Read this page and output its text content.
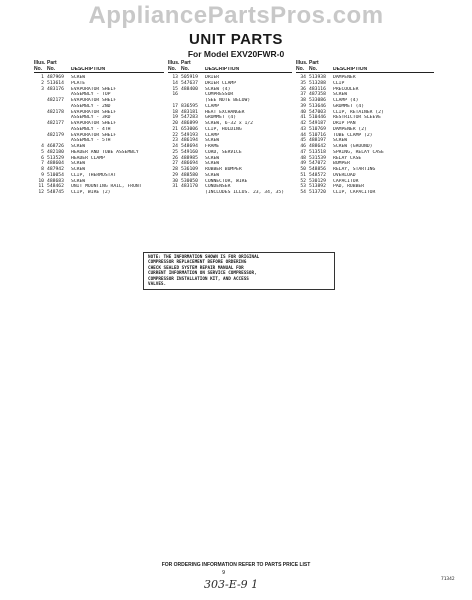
AppliancePartsPros.com
UNIT PARTS
For Model EXV20FWR-0
Illus. Part
No. No.	DESCRIPTION
1 487969	SCREW
2 513614	PLATE
3 483176	EVAPORATOR SHELF
ASSEMBLY - TOP
482177	EVAPORATOR SHELF
ASSEMBLY - 2ND
482178	EVAPORATOR SHELF
ASSEMBLY - 3RD
482177	EVAPORATOR SHELF
ASSEMBLY - 4TH
482179	EVAPORATOR SHELF
ASSEMBLY - 5TH
4 468726	SCREW
5 482180	HEADER AND TUBE ASSEMBLY
6 513529	HEADER CLAMP
7 488604	SCREW
8 487942	SCREW
9 510054	CLIP, THERMOSTAT
10 488683	SCREW
11 548462	UNIT MOUNTING RAIL, FRONT
12 548745	CLIP, WIRE (2)
Illus. Part
No. No.	DESCRIPTION
13 505919	DRIER
14 547637	DRIER CLAMP
15 488400	SCREW (4)
16	COMPRESSOR
(SEE NOTE BELOW)
17 836595	CLAMP
18 483181	HEAT EXCHANGER
19 547283	GROMMET (4)
20 486899	SCREW, 6-32 x 1/2
21 653006	CLIP, HOLDING
22 549193	CLAMP
23 486194	SCREW
24 548694	FRAME
25 549160	CORD, SERVICE
26 488985	SCREW
27 486694	SCREW
28 536109	RUBBER BUMPER
29 488580	SCREW
30 530050	CONNECTOR, WIRE
31 483170	CONDENSER
(INCLUDES ILLUS. 23, 34, 35)
Illus. Part
No. No.	DESCRIPTION
34 513938	DAMPENER
35 513288	CLIP
36 483116	PRECOOLER
37 487358	SCREW
38 533086	CLAMP (4)
39 513646	GROMMET (4)
40 547003	CLIP, RETAINER (2)
41 510446	RESTRICTOR SLEEVE
42 549187	DRIP PAN
43 510769	DAMPENER (2)
44 510716	TUBE CLAMP (2)
45 488197	SCREW
46 488642	SCREW (GROUND)
47 513518	SPRING, RELAY CASE
48 531539	RELAY CASE
49 547072	BUMPER
50 548856	RELAY, STARTING
51 548572	OVERLOAD
52 530129	CAPACITOR
53 513892	PAD, RUBBER
54 513720	CLIP, CAPACITOR
NOTE: THE INFORMATION SHOWN IS FOR ORIGINAL
COMPRESSOR REPLACEMENT BEFORE ORDERING
CHECK SEALED SYSTEM REPAIR MANUAL FOR
CURRENT INFORMATION ON SERVICE COMPRESSOR,
COMPRESSOR INSTALLATION KIT, AND ACCESS
VALVES.
FOR ORDERING INFORMATION REFER TO PARTS PRICE LIST
9
303-E-9 1	71342
